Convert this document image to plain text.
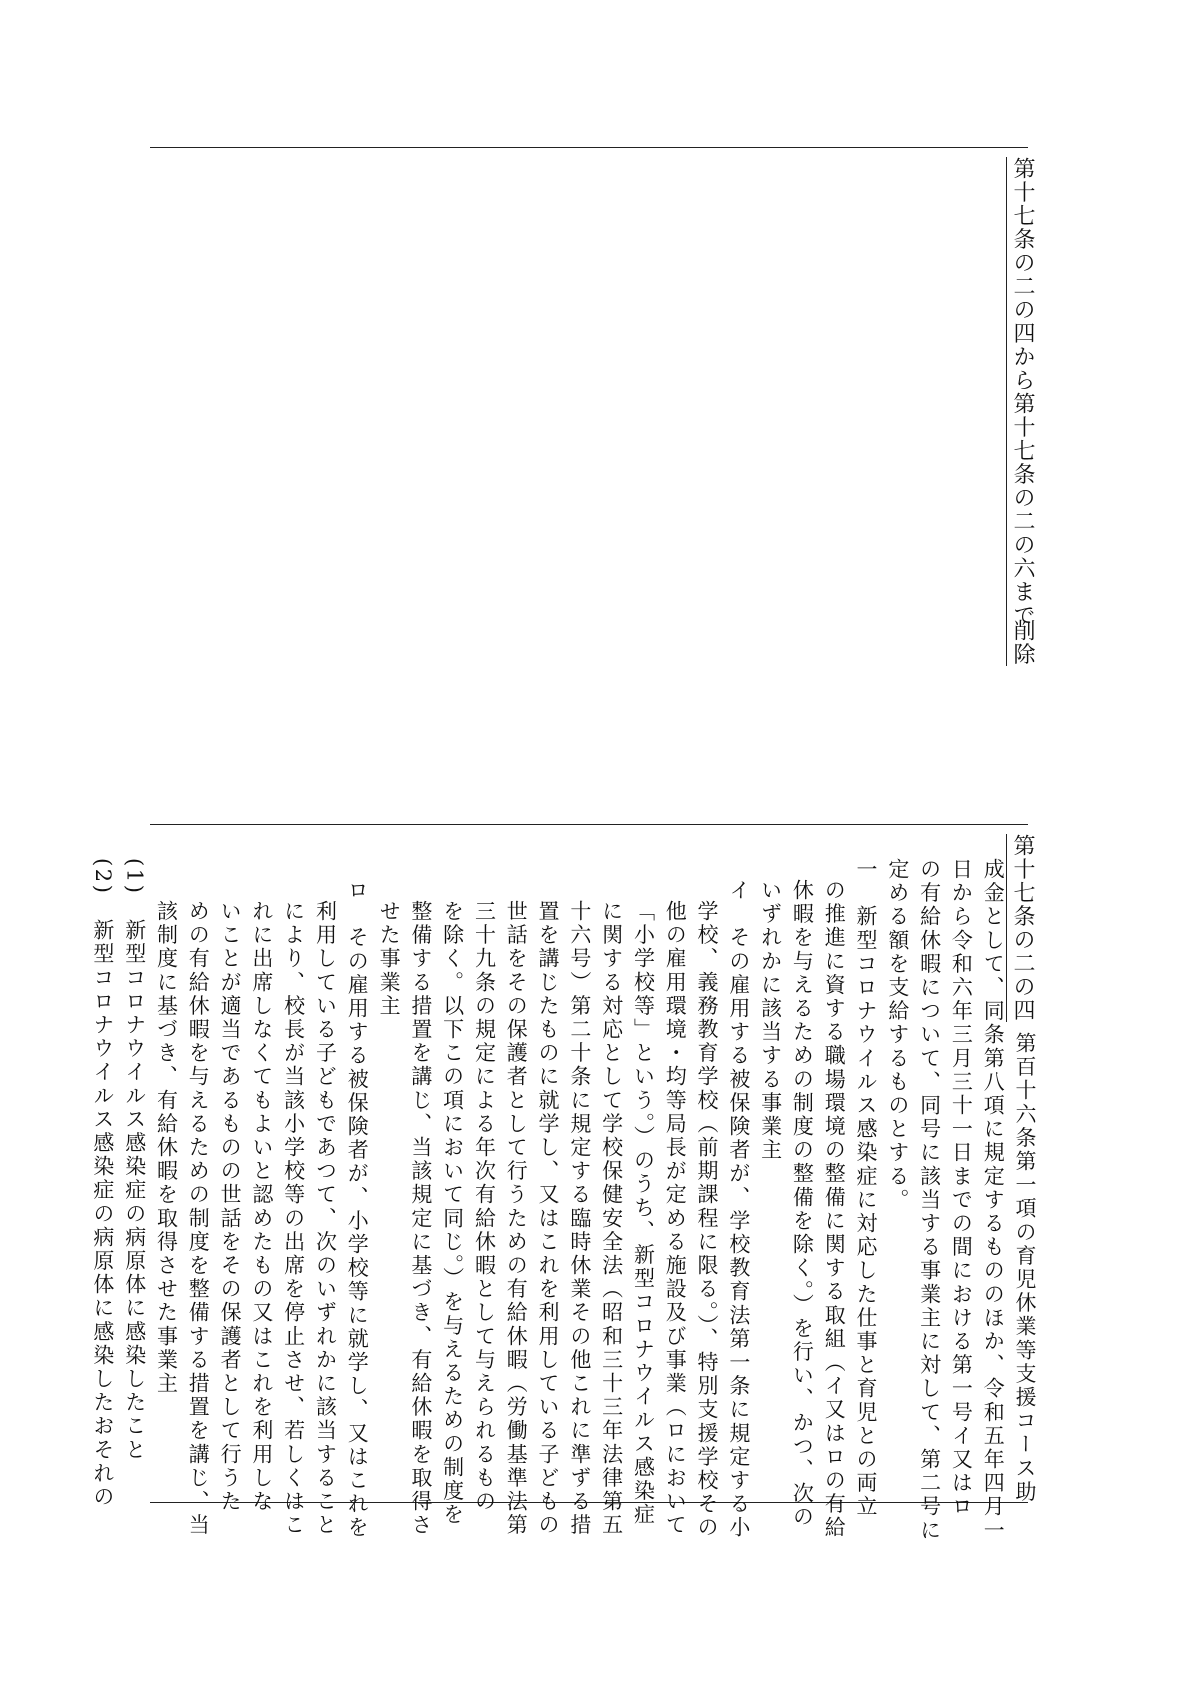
第十七条の二の四から第十七条の二の六まで
削除
第十七条の二の四
第百十六条第一項の育児休業等支援コース助
成金として、同条第八項に規定するもののほか、令和五年四月一
日から令和六年三月三十一日までの間における第一号イ又はロ
の有給休暇について、同号に該当する事業主に対して、第二号に
定める額を支給するものとする。
一　新型コロナウイルス感染症に対応した仕事と育児との両立
の推進に資する職場環境の整備に関する取組（イ又はロの有給
休暇を与えるための制度の整備を除く。）を行い、かつ、次の
いずれかに該当する事業主
イ　その雇用する被保険者が、学校教育法第一条に規定する小
学校、義務教育学校（前期課程に限る。）、特別支援学校その
他の雇用環境・均等局長が定める施設及び事業（ロにおいて
「小学校等」という。）のうち、新型コロナウイルス感染症
に関する対応として学校保健安全法（昭和三十三年法律第五
十六号）第二十条に規定する臨時休業その他これに準ずる措
置を講じたものに就学し、又はこれを利用している子どもの
世話をその保護者として行うための有給休暇（労働基準法第
三十九条の規定による年次有給休暇として与えられるもの
を除く。以下この項において同じ。）を与えるための制度を
整備する措置を講じ、当該規定に基づき、有給休暇を取得さ
せた事業主
ロ　その雇用する被保険者が、小学校等に就学し、又はこれを
利用している子どもであつて、次のいずれかに該当すること
により、校長が当該小学校等の出席を停止させ、若しくはこ
れに出席しなくてもよいと認めたもの又はこれを利用しな
いことが適当であるものの世話をその保護者として行うた
めの有給休暇を与えるための制度を整備する措置を講じ、当
該制度に基づき、有給休暇を取得させた事業主
(1)　新型コロナウイルス感染症の病原体に感染したこと
(2)　新型コロナウイルス感染症の病原体に感染したおそれの
